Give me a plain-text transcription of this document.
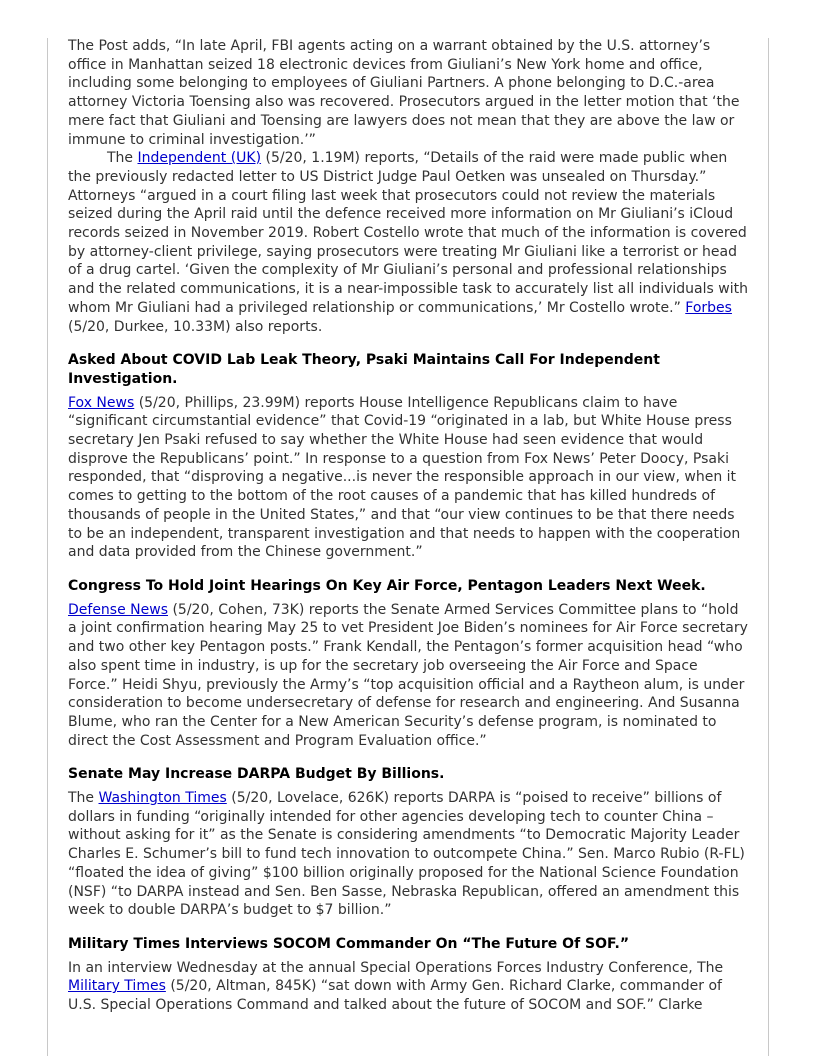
The Post adds, “In late April, FBI agents acting on a warrant obtained by the U.S. attorney’s office in Manhattan seized 18 electronic devices from Giuliani’s New York home and office, including some belonging to employees of Giuliani Partners. A phone belonging to D.C.-area attorney Victoria Toensing also was recovered. Prosecutors argued in the letter motion that ‘the mere fact that Giuliani and Toensing are lawyers does not mean that they are above the law or immune to criminal investigation.’”

The Independent (UK) (5/20, 1.19M) reports, “Details of the raid were made public when the previously redacted letter to US District Judge Paul Oetken was unsealed on Thursday.” Attorneys “argued in a court filing last week that prosecutors could not review the materials seized during the April raid until the defence received more information on Mr Giuliani’s iCloud records seized in November 2019. Robert Costello wrote that much of the information is covered by attorney-client privilege, saying prosecutors were treating Mr Giuliani like a terrorist or head of a drug cartel. ‘Given the complexity of Mr Giuliani’s personal and professional relationships and the related communications, it is a near-impossible task to accurately list all individuals with whom Mr Giuliani had a privileged relationship or communications,’ Mr Costello wrote.” Forbes (5/20, Durkee, 10.33M) also reports.

Asked About COVID Lab Leak Theory, Psaki Maintains Call For Independent Investigation.

Fox News (5/20, Phillips, 23.99M) reports House Intelligence Republicans claim to have “significant circumstantial evidence” that Covid-19 “originated in a lab, but White House press secretary Jen Psaki refused to say whether the White House had seen evidence that would disprove the Republicans’ point.” In response to a question from Fox News’ Peter Doocy, Psaki responded, that “disproving a negative...is never the responsible approach in our view, when it comes to getting to the bottom of the root causes of a pandemic that has killed hundreds of thousands of people in the United States,” and that “our view continues to be that there needs to be an independent, transparent investigation and that needs to happen with the cooperation and data provided from the Chinese government.”

Congress To Hold Joint Hearings On Key Air Force, Pentagon Leaders Next Week.

Defense News (5/20, Cohen, 73K) reports the Senate Armed Services Committee plans to “hold a joint confirmation hearing May 25 to vet President Joe Biden’s nominees for Air Force secretary and two other key Pentagon posts.” Frank Kendall, the Pentagon’s former acquisition head “who also spent time in industry, is up for the secretary job overseeing the Air Force and Space Force.” Heidi Shyu, previously the Army’s “top acquisition official and a Raytheon alum, is under consideration to become undersecretary of defense for research and engineering. And Susanna Blume, who ran the Center for a New American Security’s defense program, is nominated to direct the Cost Assessment and Program Evaluation office.”

Senate May Increase DARPA Budget By Billions.

The Washington Times (5/20, Lovelace, 626K) reports DARPA is “poised to receive” billions of dollars in funding “originally intended for other agencies developing tech to counter China – without asking for it” as the Senate is considering amendments “to Democratic Majority Leader Charles E. Schumer’s bill to fund tech innovation to outcompete China.” Sen. Marco Rubio (R-FL) “floated the idea of giving” $100 billion originally proposed for the National Science Foundation (NSF) “to DARPA instead and Sen. Ben Sasse, Nebraska Republican, offered an amendment this week to double DARPA’s budget to $7 billion.”

Military Times Interviews SOCOM Commander On “The Future Of SOF.”

In an interview Wednesday at the annual Special Operations Forces Industry Conference, The Military Times (5/20, Altman, 845K) “sat down with Army Gen. Richard Clarke, commander of U.S. Special Operations Command and talked about the future of SOCOM and SOF.” Clarke
